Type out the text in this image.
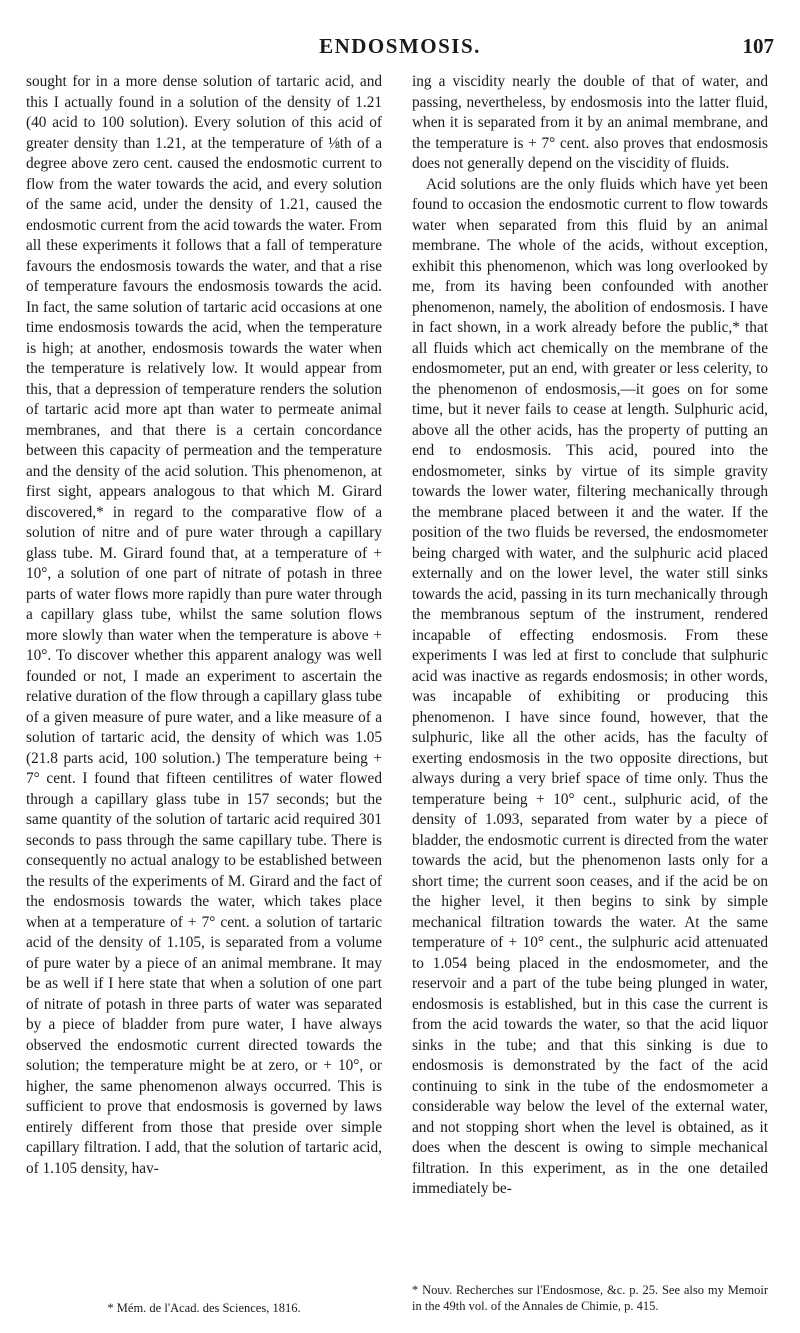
ENDOSMOSIS.	107

sought for in a more dense solution of tartaric acid, and this I actually found in a solution of the density of 1.21 (40 acid to 100 solution). Every solution of this acid of greater density than 1.21, at the temperature of ⅛th of a degree above zero cent. caused the endosmotic current to flow from the water towards the acid, and every solution of the same acid, under the density of 1.21, caused the endosmotic current from the acid towards the water. From all these experiments it follows that a fall of temperature favours the endosmosis towards the water, and that a rise of temperature favours the endosmosis towards the acid. In fact, the same solution of tartaric acid occasions at one time endosmosis towards the acid, when the temperature is high; at another, endosmosis towards the water when the temperature is relatively low. It would appear from this, that a depression of temperature renders the solution of tartaric acid more apt than water to permeate animal membranes, and that there is a certain concordance between this capacity of permeation and the temperature and the density of the acid solution. This phenomenon, at first sight, appears analogous to that which M. Girard discovered,* in regard to the comparative flow of a solution of nitre and of pure water through a capillary glass tube. M. Girard found that, at a temperature of + 10°, a solution of one part of nitrate of potash in three parts of water flows more rapidly than pure water through a capillary glass tube, whilst the same solution flows more slowly than water when the temperature is above + 10°. To discover whether this apparent analogy was well founded or not, I made an experiment to ascertain the relative duration of the flow through a capillary glass tube of a given measure of pure water, and a like measure of a solution of tartaric acid, the density of which was 1.05 (21.8 parts acid, 100 solution.) The temperature being + 7° cent. I found that fifteen centilitres of water flowed through a capillary glass tube in 157 seconds; but the same quantity of the solution of tartaric acid required 301 seconds to pass through the same capillary tube. There is consequently no actual analogy to be established between the results of the experiments of M. Girard and the fact of the endosmosis towards the water, which takes place when at a temperature of + 7° cent. a solution of tartaric acid of the density of 1.105, is separated from a volume of pure water by a piece of an animal membrane. It may be as well if I here state that when a solution of one part of nitrate of potash in three parts of water was separated by a piece of bladder from pure water, I have always observed the endosmotic current directed towards the solution; the temperature might be at zero, or + 10°, or higher, the same phenomenon always occurred. This is sufficient to prove that endosmosis is governed by laws entirely different from those that preside over simple capillary filtration. I add, that the solution of tartaric acid, of 1.105 density, hav-

ing a viscidity nearly the double of that of water, and passing, nevertheless, by endosmosis into the latter fluid, when it is separated from it by an animal membrane, and the temperature is + 7° cent. also proves that endosmosis does not generally depend on the viscidity of fluids.

Acid solutions are the only fluids which have yet been found to occasion the endosmotic current to flow towards water when separated from this fluid by an animal membrane. The whole of the acids, without exception, exhibit this phenomenon, which was long overlooked by me, from its having been confounded with another phenomenon, namely, the abolition of endosmosis. I have in fact shown, in a work already before the public,* that all fluids which act chemically on the membrane of the endosmometer, put an end, with greater or less celerity, to the phenomenon of endosmosis,—it goes on for some time, but it never fails to cease at length. Sulphuric acid, above all the other acids, has the property of putting an end to endosmosis. This acid, poured into the endosmometer, sinks by virtue of its simple gravity towards the lower water, filtering mechanically through the membrane placed between it and the water. If the position of the two fluids be reversed, the endosmometer being charged with water, and the sulphuric acid placed externally and on the lower level, the water still sinks towards the acid, passing in its turn mechanically through the membranous septum of the instrument, rendered incapable of effecting endosmosis. From these experiments I was led at first to conclude that sulphuric acid was inactive as regards endosmosis; in other words, was incapable of exhibiting or producing this phenomenon. I have since found, however, that the sulphuric, like all the other acids, has the faculty of exerting endosmosis in the two opposite directions, but always during a very brief space of time only. Thus the temperature being + 10° cent., sulphuric acid, of the density of 1.093, separated from water by a piece of bladder, the endosmotic current is directed from the water towards the acid, but the phenomenon lasts only for a short time; the current soon ceases, and if the acid be on the higher level, it then begins to sink by simple mechanical filtration towards the water. At the same temperature of + 10° cent., the sulphuric acid attenuated to 1.054 being placed in the endosmometer, and the reservoir and a part of the tube being plunged in water, endosmosis is established, but in this case the current is from the acid towards the water, so that the acid liquor sinks in the tube; and that this sinking is due to endosmosis is demonstrated by the fact of the acid continuing to sink in the tube of the endosmometer a considerable way below the level of the external water, and not stopping short when the level is obtained, as it does when the descent is owing to simple mechanical filtration. In this experiment, as in the one detailed immediately be-

* Mém. de l'Acad. des Sciences, 1816.
* Nouv. Recherches sur l'Endosmose, &c. p. 25. See also my Memoir in the 49th vol. of the Annales de Chimie, p. 415.
